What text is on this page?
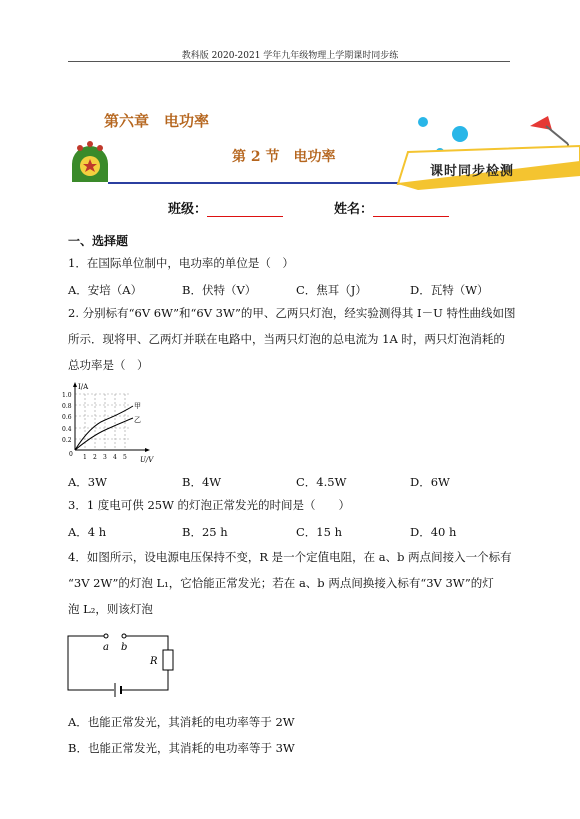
教科版 2020-2021 学年九年级物理上学期课时同步练
第六章　电功率
第 2 节　电功率
课时同步检测
班级：	姓名：
一、选择题
1．在国际单位制中，电功率的单位是（　）
A．安培（A）	B．伏特（V）	C．焦耳（J）	D．瓦特（W）
2. 分别标有“6V 6W”和“6V 3W”的甲、乙两只灯泡，经实验测得其 I－U 特性曲线如图
所示．现将甲、乙两灯并联在电路中，当两只灯泡的总电流为 1A 时，两只灯泡消耗的
总功率是（　）
I/A
U/V
1.0
0.8
0.6
0.4
0.2
0 1 2 3 4 5
甲
乙
A．3W	B．4W	C．4.5W	D．6W
3．1 度电可供 25W 的灯泡正常发光的时间是（　　）
A．4 h	B．25 h	C．15 h	D．40 h
4．如图所示，设电源电压保持不变，R 是一个定值电阻，在 a、b 两点间接入一个标有
“3V 2W”的灯泡 L₁，它恰能正常发光；若在 a、b 两点间换接入标有“3V 3W”的灯
泡 L₂，则该灯泡
a b
R
A．也能正常发光，其消耗的电功率等于 2W
B．也能正常发光，其消耗的电功率等于 3W
